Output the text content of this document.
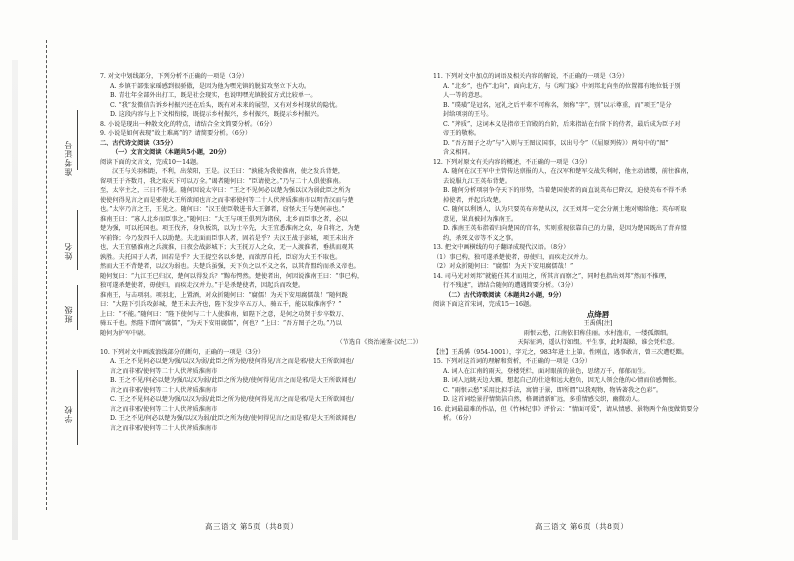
准考证号
姓名
班级
学校

7. 对文中划线部分，下列分析不正确的一项是（3分）

A. 乡镇干部张家瑶感到很骄傲，是因为他为嘿光镇的脱贫攻坚立下大功。

B. 青壮年全部外出打工，既是社会现实，也说明嘿光镇脱贫方式比较单一。

C. “我”发微信告诉乡村振兴还在后头，既有对未来的展望，又有对乡村现状的隐忧。

D. 这段内容与上下文相衔接，既提示乡村振兴，乡村振兴，既提示乡村振兴。

8. 小说是现出一种散文化的特点，请结合全文简要分析。（6分）

9. 小说是如何表现“故土难离”的？请简要分析。（6分）

二、古代诗文阅读（35分）

（一）文言文阅读（本题共5小题，20分）

阅读下面的文言文，完成10～14题。

汉王与关羽相距，不利，出荥阳，王是。汉王曰：“孰能为我使淮南，使之发兵背楚，

留项王于齐数月，我之取天下可以万全。”谒者随何曰：“臣请使之。”乃与二十人俱使淮南。

至，太宰主之，三日不得见。随何因说太宰曰：“王之不见何必以楚为强以汉为弱此臣之所为

使使何得见言之而是邪使大王所欲闻也言之而非邪使何等二十人伏斧质淮南市以明背汉而与楚

也。”太宰乃言之王，王见之。随何曰：“汉王使臣敬进书大王御者，窃怪大王与楚何亲也。”

淮南王曰：“寡人北乡而臣事之。”随何曰：“大王与项王俱列为诸侯，北乡而臣事之者，必以

楚为强，可以托国也。项王伐齐，身负板筑，以为士卒先，大王宜悉淮南之众，身自将之，为楚

军前锋；今乃发四千人以助楚。夫北面而臣事人者，固若是乎？夫汉王战于彭城，项王未出齐

也，大王宜骚淮南之兵渡淮，日夜会战彭城下；大王抚万人之众，无一人渡淮者，垂拱而观其

孰胜。夫托国于人者，固若是乎？大王提空名以乡楚，而欲厚自托，臣窃为大王不取也。

然而大王不背楚者，以汉为弱也。夫楚兵虽强，天下负之以不义之名，以其背盟约而杀义帝也。

随何复曰：“九江王已归汉，楚何以得发兵？”黥布愕然。楚使者出，何因说淮南王曰：“事已构，

独可遂杀楚使者，毋使归，而疾走汉并力。”于是杀楚使者，因起兵而攻楚。

淮南王，与击项羽。项羽北，上置酒，对众折随何曰：“腐儒！为天下安用腐儒哉！”随何跪

曰：“大陛下引兵攻彭城，楚王未去齐也，陛下发步卒五万人、骑五千，能以取淮南乎？”

上曰：“不能。”随何曰：“陛下使何与二十人使淮南，如陛下之意，是何之功贤于步卒数万、

骑五千也。然陛下谓何“腐儒”，“为天下安用腐儒”，何也？”上曰：“吾方图子之功。”乃以

随何为护军中尉。

（节选自《资治通鉴·汉纪二》）

10. 下列对文中画波浪线部分的断句，正确的一项是（3分）

A. 王之不见何必以楚为强/以汉为弱/此臣之所为使/使何得见/言之而是邪/使大王所欲闻也/

言之而非邪/使何等二十人伏斧质淮南市

B. 王之不见/何必以楚为强/以汉为弱/此臣之所为使/使何得见/言之而是邪/是大王所欲闻也/

言之而非邪/使何等二十人伏斧质淮南市

C. 王之不见何必以楚为强/以汉为弱/此臣之所为使/使何得见言/之而是邪/是大王所欲闻也/

言之而非邪/使何等二十人伏斧质淮南市

D. 王之不见/何必以楚为强/以汉为弱/此臣之所为使/使何得见言/之而是邪/是大王所欲闻也/

言之而非邪/使何等二十人伏斧质淮南市

11. 下列对文中加点的词语及相关内容的解说，不正确的一项是（3分）

A. “北乡”，也作“北向”，面向北方，与《鸿门宴》中刘邦北向坐的位置都有地位低于别

人一等的意思。

B. “璞璜”是冠名，冠礼之后平辈不可称名，须称“字”，别“以示尊重，而“项王”是分

封给项羽的王号。

C. “斧质”，这词本义是指帝王宫殿的台阶，后来指站在台阶下的侍者，最后成为臣子对

帝王的敬称。

D. “吾方图子之功”与“入则与王图议国事，以出号令”（《屈原列传》）两句中的“图”

含义相同。

12. 下列对原文有关内容的概述，不正确的一项是（3分）

A. 随何在汉王军中主管传达禀报的人，在汉军和楚军交战失利时，他主动请缨，前往淮南，

去说服九江王英布背楚。

B. 随何分析项羽争夺天下的形势，当着楚国使者的面直说英布已降汉，迫使英布不得不杀

掉使者，并起兵攻楚。

C. 随何以利诱人，认为只要英布弃楚从汉，汉王刘邦一定会分割土地对赐给他；英布听取

意见，果真被封为淮南王。

D. 淮南王英布指着归向楚国的宫名，实则重视依靠自己的力量，是因为楚国既出了背弃盟

约，杀死义帝等不义之事。

13. 把文中画横线的句子翻译成现代汉语。（8分）

（1）事已构，独可遂杀楚使者，毋使归，而疾走汉并力。

（2）对众折随何曰：“腐儒！为天下安用腐儒哉！”

14. 司马光对刘邦“就能任其才而用之，所其言而察之”，同时也指出刘邦“然而不推理，

行不残速”，请结合随何的遭遇简要分析。（3分）

（二）古代诗歌阅读（本题共2小题，9分）

阅读下面这首宋词，完成15～16题。

点绛唇

王禹偁[注]

雨恨云愁，江南依旧称佳丽。水村渔市，一缕孤烟细。

天际征鸿，遥认行如缀。平生事，此时凝睇，谁会凭栏意。

【注】王禹偁（954-1001），字元之，983年进士上第。性刚直，遇事敢言，曾三次遭贬黜。

15. 下列对这首词的理解和赏析，不正确的一项是（3分）

A. 词人在江南的雨天，登楼凭栏，面对眼前的景色，思绪万千，郁郁而生。

B. 词人远眺天边大雁，想起自己的仕途和远大抱负，因无人领会他的心情而倍感惆怅。

C. “雨恨云愁”采用比拟手法，寓情于景，即所谓“以我观物，物皆著我之色彩”。

D. 这首词绘景抒情简洁自然，格调清新旷远，多重情感交织，幽微动人。

16. 此词最最难的作品，但《竹林纪事》评价云：“情面可爱”，请从情感、景物两个角度做简要分

析。（6分）

高三语文 第5页（共8页）	高三语文 第6页（共8页）
